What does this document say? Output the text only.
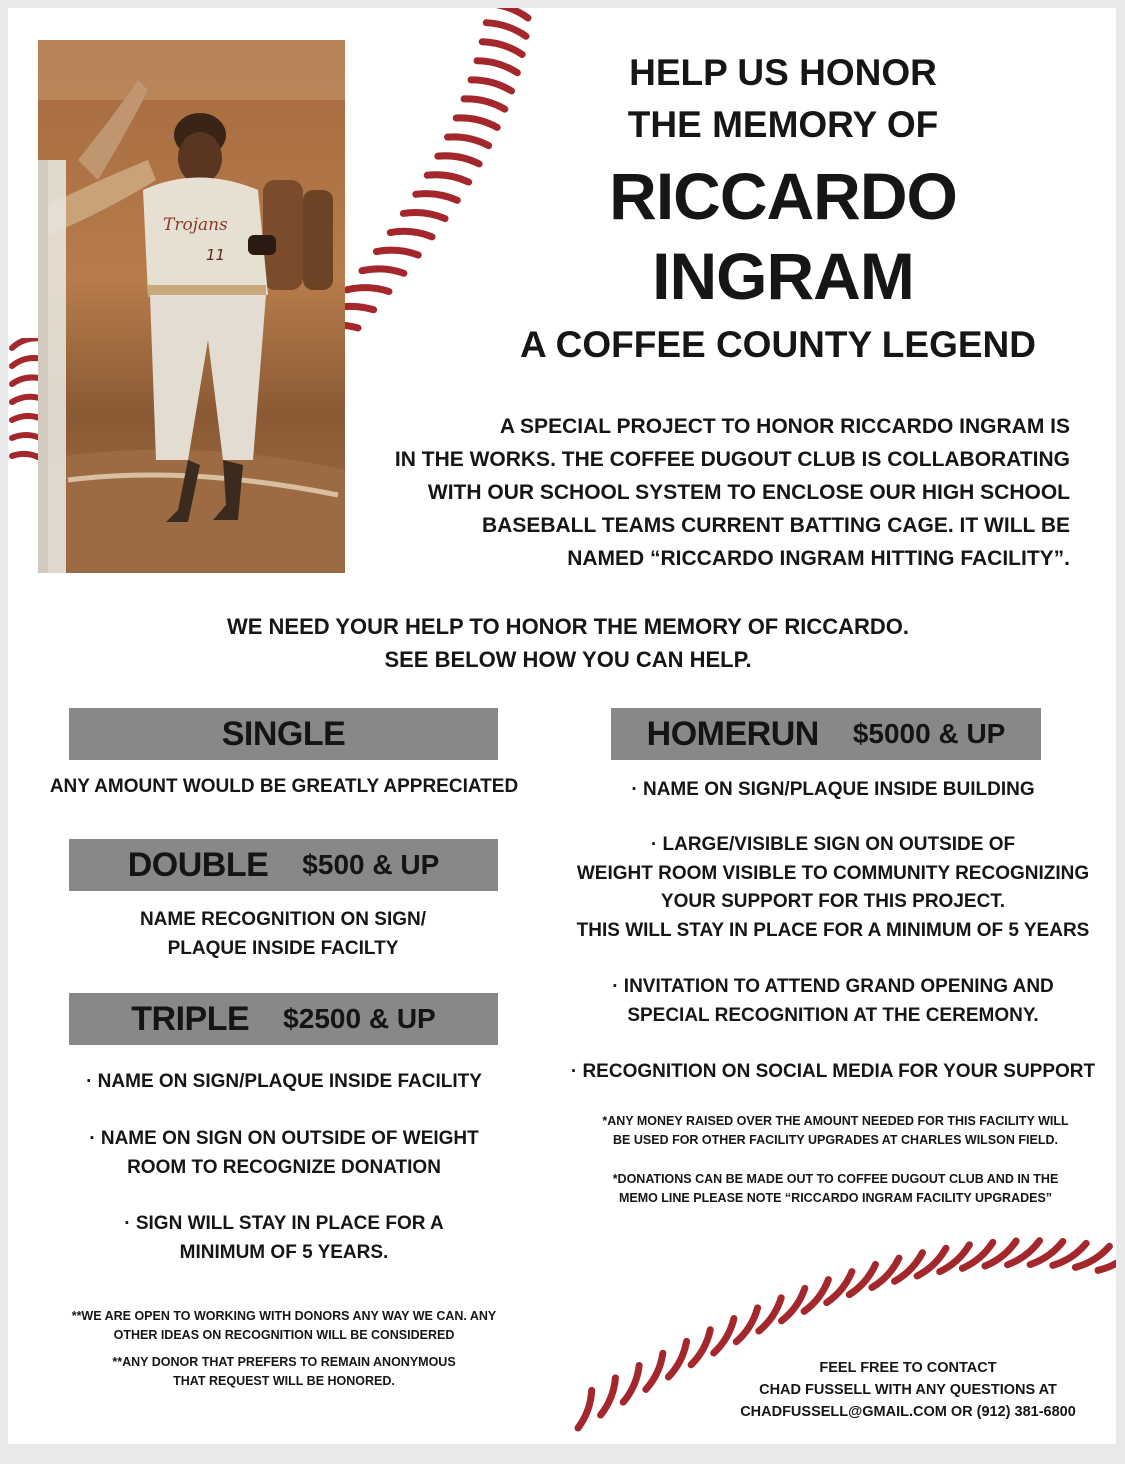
Trojans
11
HELP US HONOR
THE MEMORY OF
RICCARDO
INGRAM
A COFFEE COUNTY LEGEND
A SPECIAL PROJECT TO HONOR RICCARDO INGRAM IS
IN THE WORKS. THE COFFEE DUGOUT CLUB IS COLLABORATING
WITH OUR SCHOOL SYSTEM TO ENCLOSE OUR HIGH SCHOOL
BASEBALL TEAMS CURRENT BATTING CAGE. IT WILL BE
NAMED “RICCARDO INGRAM HITTING FACILITY”.
WE NEED YOUR HELP TO HONOR THE MEMORY OF RICCARDO.
SEE BELOW HOW YOU CAN HELP.
SINGLE
ANY AMOUNT WOULD BE GREATLY APPRECIATED
DOUBLE $500 & UP
NAME RECOGNITION ON SIGN/
PLAQUE INSIDE FACILTY
TRIPLE $2500 & UP
· NAME ON SIGN/PLAQUE INSIDE FACILITY
· NAME ON SIGN ON OUTSIDE OF WEIGHT
ROOM TO RECOGNIZE DONATION
· SIGN WILL STAY IN PLACE FOR A
MINIMUM OF 5 YEARS.
HOMERUN $5000 & UP
· NAME ON SIGN/PLAQUE INSIDE BUILDING
· LARGE/VISIBLE SIGN ON OUTSIDE OF
WEIGHT ROOM VISIBLE TO COMMUNITY RECOGNIZING
YOUR SUPPORT FOR THIS PROJECT.
THIS WILL STAY IN PLACE FOR A MINIMUM OF 5 YEARS
· INVITATION TO ATTEND GRAND OPENING AND
SPECIAL RECOGNITION AT THE CEREMONY.
· RECOGNITION ON SOCIAL MEDIA FOR YOUR SUPPORT
*ANY MONEY RAISED OVER THE AMOUNT NEEDED FOR THIS FACILITY WILL
BE USED FOR OTHER FACILITY UPGRADES AT CHARLES WILSON FIELD.
*DONATIONS CAN BE MADE OUT TO COFFEE DUGOUT CLUB AND IN THE
MEMO LINE PLEASE NOTE “RICCARDO INGRAM FACILITY UPGRADES”
**WE ARE OPEN TO WORKING WITH DONORS ANY WAY WE CAN. ANY
OTHER IDEAS ON RECOGNITION WILL BE CONSIDERED
**ANY DONOR THAT PREFERS TO REMAIN ANONYMOUS
THAT REQUEST WILL BE HONORED.
FEEL FREE TO CONTACT
CHAD FUSSELL WITH ANY QUESTIONS AT
CHADFUSSELL@GMAIL.COM OR (912) 381-6800
